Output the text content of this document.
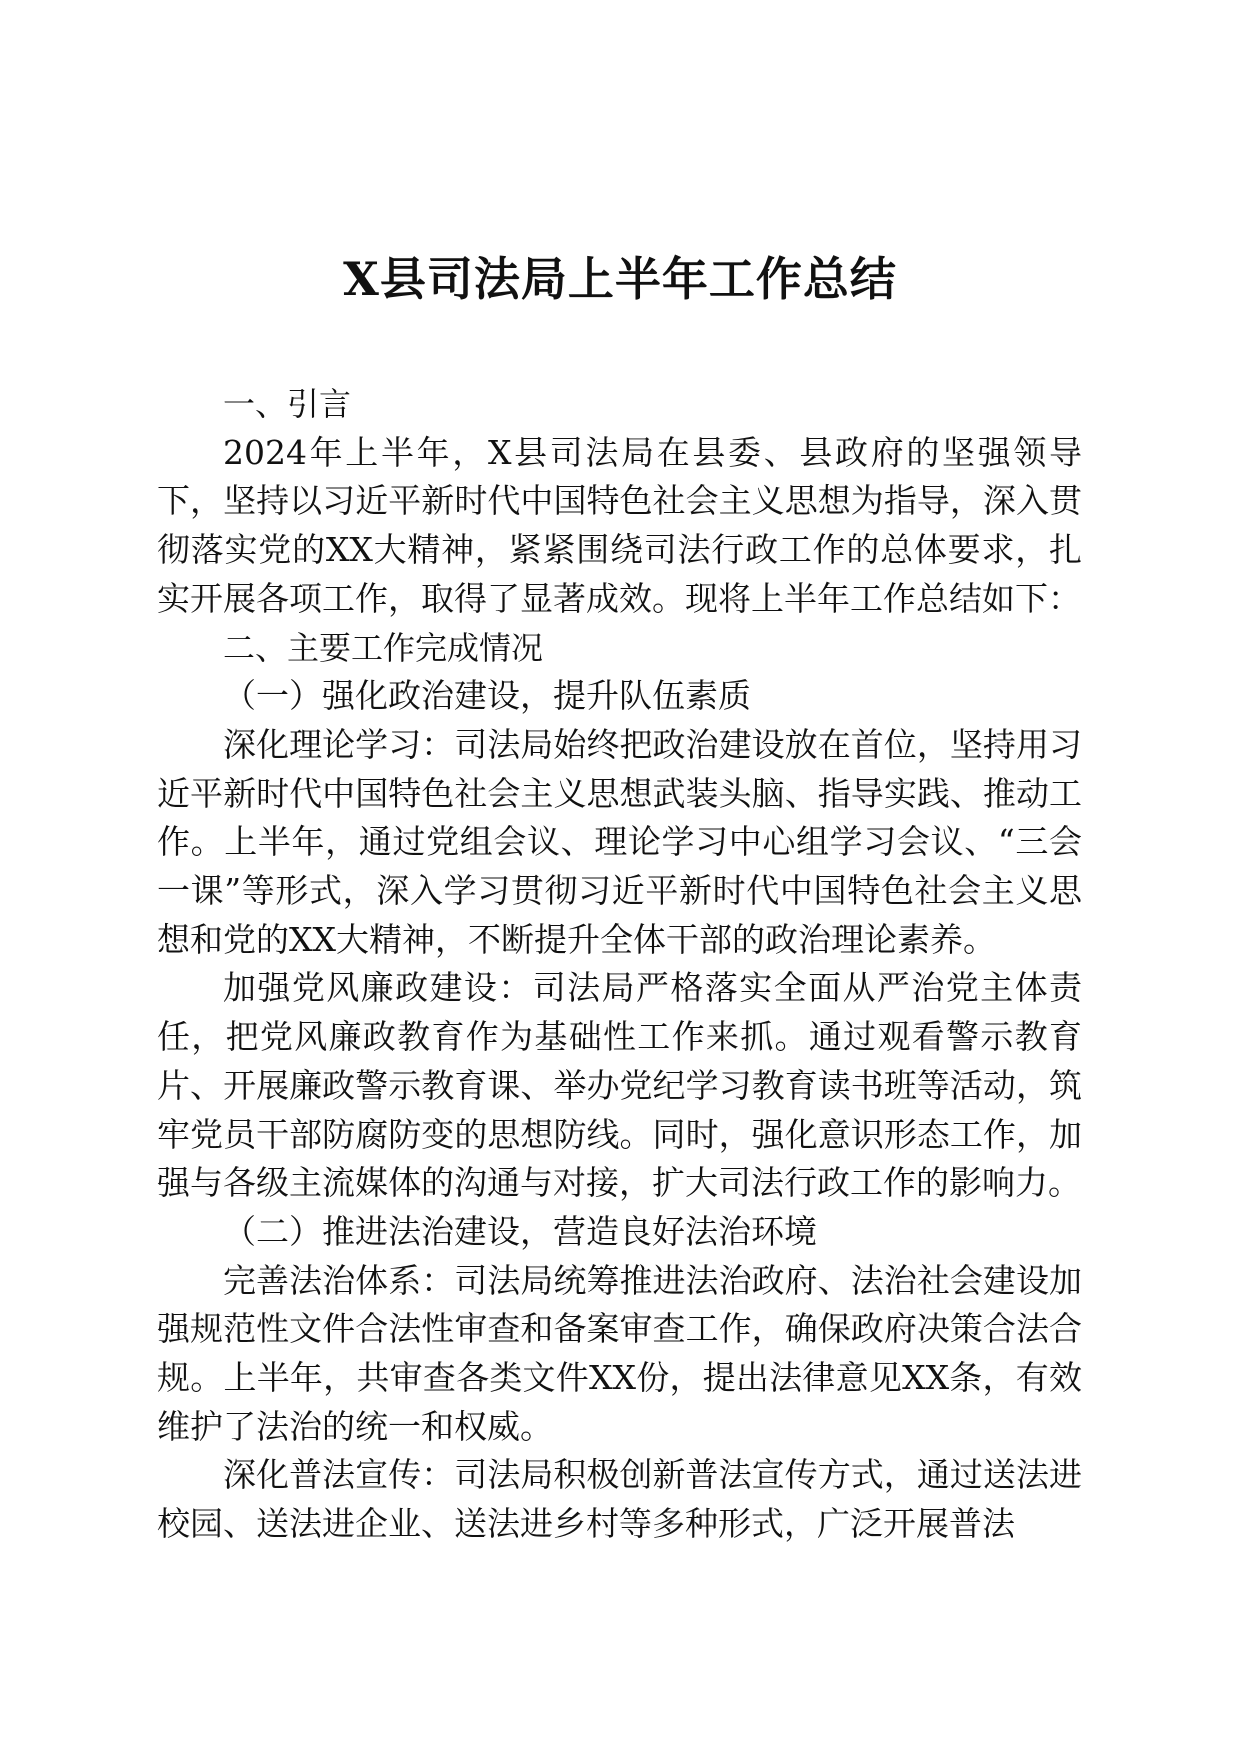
X县司法局上半年工作总结

一、引言

2024年上半年，X县司法局在县委、县政府的坚强领导下，坚持以习近平新时代中国特色社会主义思想为指导，深入贯彻落实党的XX大精神，紧紧围绕司法行政工作的总体要求，扎实开展各项工作，取得了显著成效。现将上半年工作总结如下：

二、主要工作完成情况

（一）强化政治建设，提升队伍素质

深化理论学习：司法局始终把政治建设放在首位，坚持用习近平新时代中国特色社会主义思想武装头脑、指导实践、推动工作。上半年，通过党组会议、理论学习中心组学习会议、“三会一课”等形式，深入学习贯彻习近平新时代中国特色社会主义思想和党的XX大精神，不断提升全体干部的政治理论素养。

加强党风廉政建设：司法局严格落实全面从严治党主体责任，把党风廉政教育作为基础性工作来抓。通过观看警示教育片、开展廉政警示教育课、举办党纪学习教育读书班等活动，筑牢党员干部防腐防变的思想防线。同时，强化意识形态工作，加强与各级主流媒体的沟通与对接，扩大司法行政工作的影响力。

（二）推进法治建设，营造良好法治环境

完善法治体系：司法局统筹推进法治政府、法治社会建设加强规范性文件合法性审查和备案审查工作，确保政府决策合法合规。上半年，共审查各类文件XX份，提出法律意见XX条，有效维护了法治的统一和权威。

深化普法宣传：司法局积极创新普法宣传方式，通过送法进校园、送法进企业、送法进乡村等多种形式，广泛开展普法
